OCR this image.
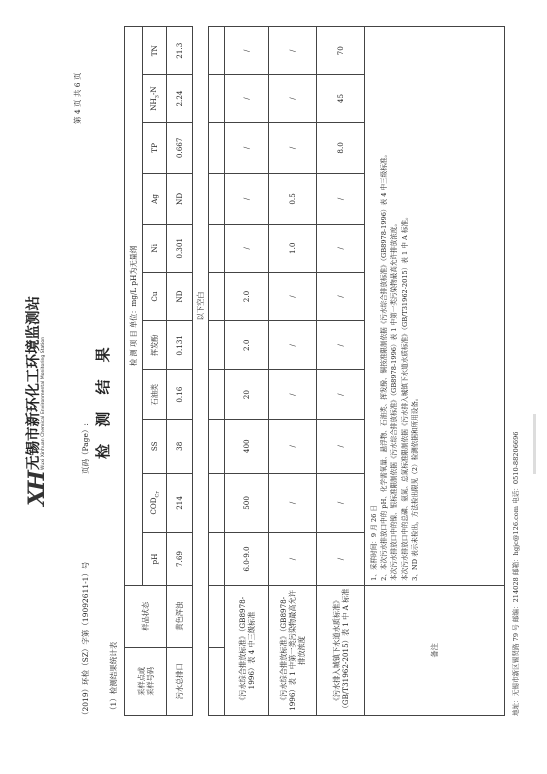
XH
无锡市新环化工环境监测站 Wuxi Xinhuan Chemical Environmental Monitoring Station
第 4 页 共 6 页
（2019）环检（SZ）字第（19092611-1）号
页码（Page）: 检 测 结 果
（1）检测结果统计表	采样点或
采样号码	样品状态	检 测 项 目 单位：mg/L pH为无量纲										
		pH	$COD_{Cr}$	SS	石油类	挥发酚	Cu	Ni	Ag	TP	$NH_3-N$	TN
污水总排口	黄色浑浊	7.69	214	38	0.16	0.131	ND	0.301	ND	0.667	2.24	21.3
		以下空白										

《污水综合排放标准》（GB8978-1996）表 4 中三级标准		6.0-9.0	500	400	20	2.0	2.0	/	/	/	/	/
《污水综合排放标准》（GB8978-1996）表 1 中第一类污染物最高允许排放浓度		/	/	/	/	/	/	1.0	0.5	/	/	/
《污水排入城镇下水道水质标准》（GB/T31962-2015）表 1 中 A 标准		/	/	/	/	/	/	/	/	8.0	45	70
备注		1、采样时间：9 月 26 日 2、本次污水排放口中的 pH、化学需氧量、悬浮物、石油类、挥发酚、铜按准限制依据《污水综合排放标准》（GB8978-1996）表 4 中三级标准。 本次污水排放口中的镍、银标准限制依据《污水综合排放标准》（GB8978-1996）表 1 中第一类污染物最高允许排放浓度。 本次污水排放口中的总磷、氨氮、总氮标准限制依据《污水排入城镇下水道水质标准》（GB/T31962-2015）表 1 中 A 标准。 3、ND 表示未检出，方法检出限见（2）检测依据和所用设备。											地址：无锡市新区锡贤路 79 号 邮编：214028 邮箱：hgjc@126.com 电话：0510-88206696
